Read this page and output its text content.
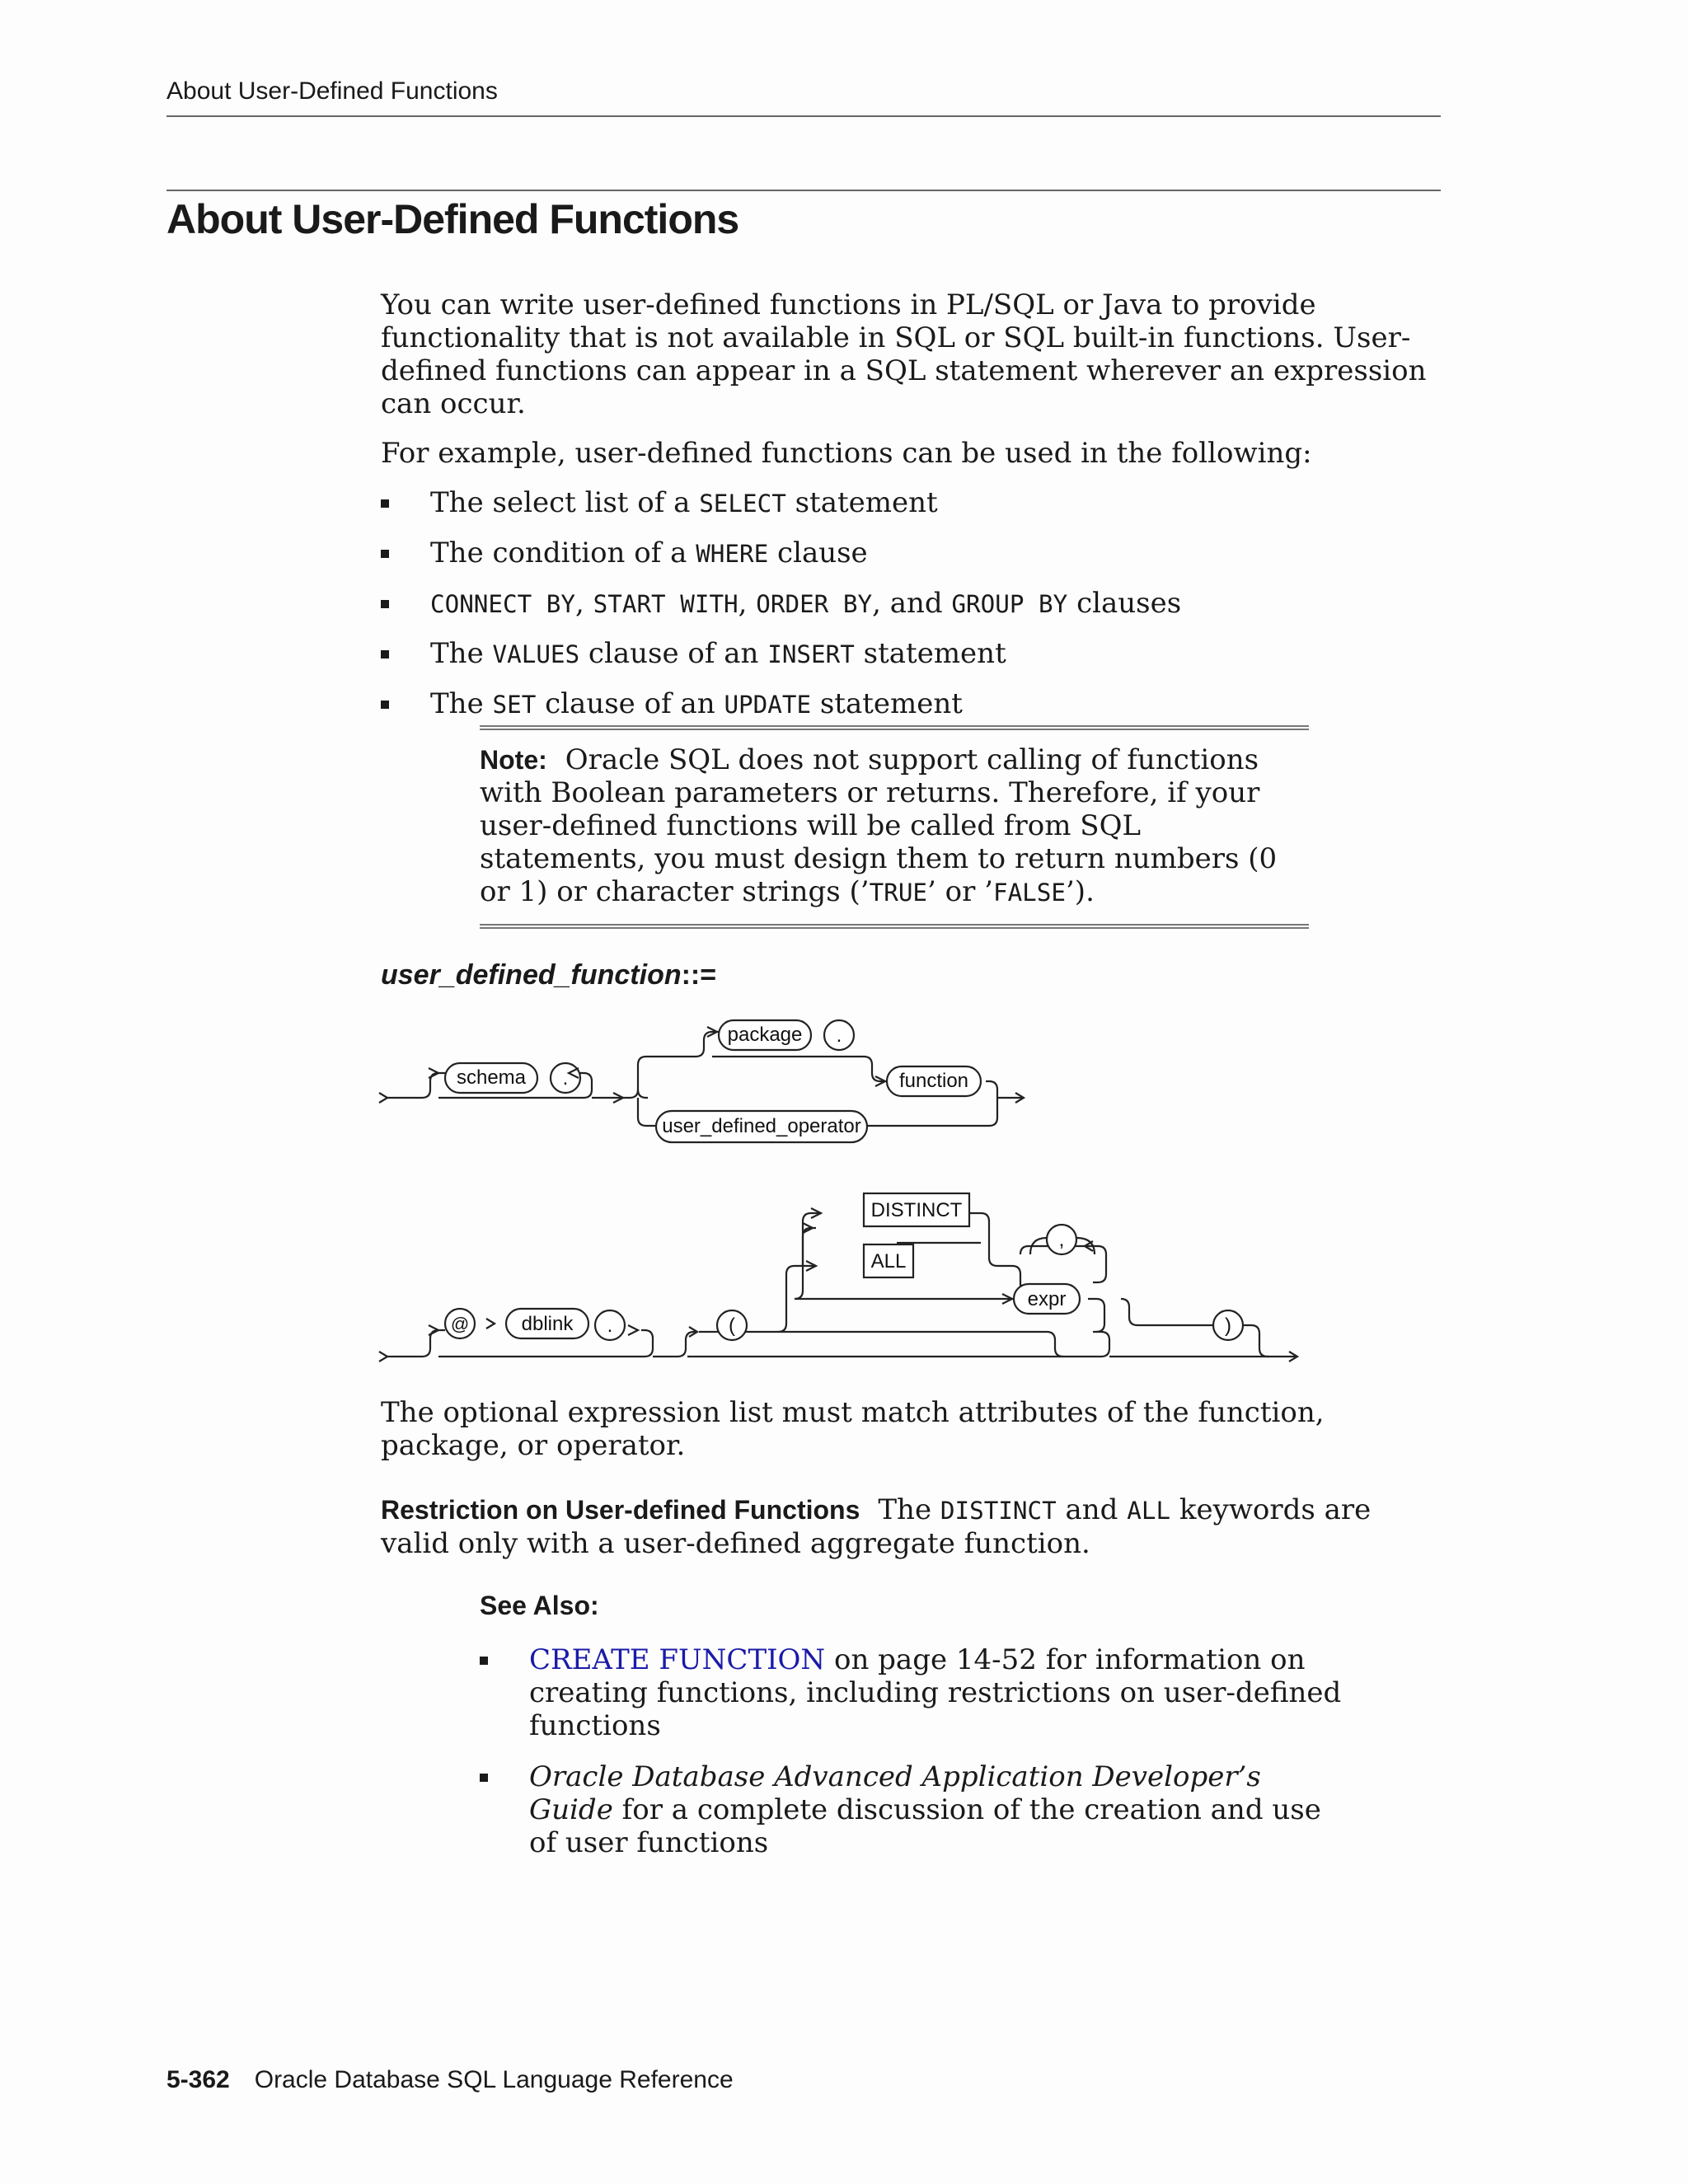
About User-Defined Functions
About User-Defined Functions

You can write user-defined functions in PL/SQL or Java to provide functionality that is not available in SQL or SQL built-in functions. User-defined functions can appear in a SQL statement wherever an expression can occur.

For example, user-defined functions can be used in the following:

The select list of a SELECT statement
The condition of a WHERE clause
CONNECT BY, START WITH, ORDER BY, and GROUP BY clauses
The VALUES clause of an INSERT statement
The SET clause of an UPDATE statement
Note: Oracle SQL does not support calling of functions with Boolean parameters or returns. Therefore, if your user-defined functions will be called from SQL statements, you must design them to return numbers (0 or 1) or character strings (’TRUE’ or ’FALSE’).
user_defined_function::=
schema .
package .
function
user_defined_operator
@	dblink .	(
DISTINCT
ALL
,
expr
)

The optional expression list must match attributes of the function, package, or operator.

Restriction on User-defined Functions The DISTINCT and ALL keywords are valid only with a user-defined aggregate function.

See Also:

CREATE FUNCTION on page 14-52 for information on creating functions, including restrictions on user-defined functions
Oracle Database Advanced Application Developer’s Guide for a complete discussion of the creation and use of user functions
5-362 Oracle Database SQL Language Reference
